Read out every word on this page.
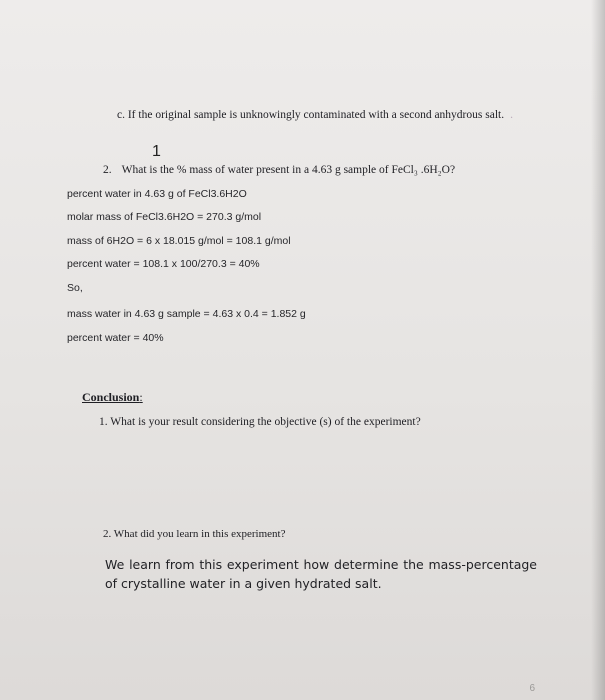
c. If the original sample is unknowingly contaminated with a second anhydrous salt. .

1

2. What is the % mass of water present in a 4.63 g sample of FeCl₃ .6H₂O?

percent water in 4.63 g of FeCl3.6H2O

molar mass of FeCl3.6H2O = 270.3 g/mol

mass of 6H2O = 6 x 18.015 g/mol = 108.1 g/mol

percent water = 108.1 x 100/270.3 = 40%

So,

mass water in 4.63 g sample = 4.63 x 0.4 = 1.852 g

percent water = 40%

Conclusion:

1. What is your result considering the objective (s) of the experiment?

2. What did you learn in this experiment?

We learn from this experiment how determine the mass-percentage of crystalline water in a given hydrated salt.

6
